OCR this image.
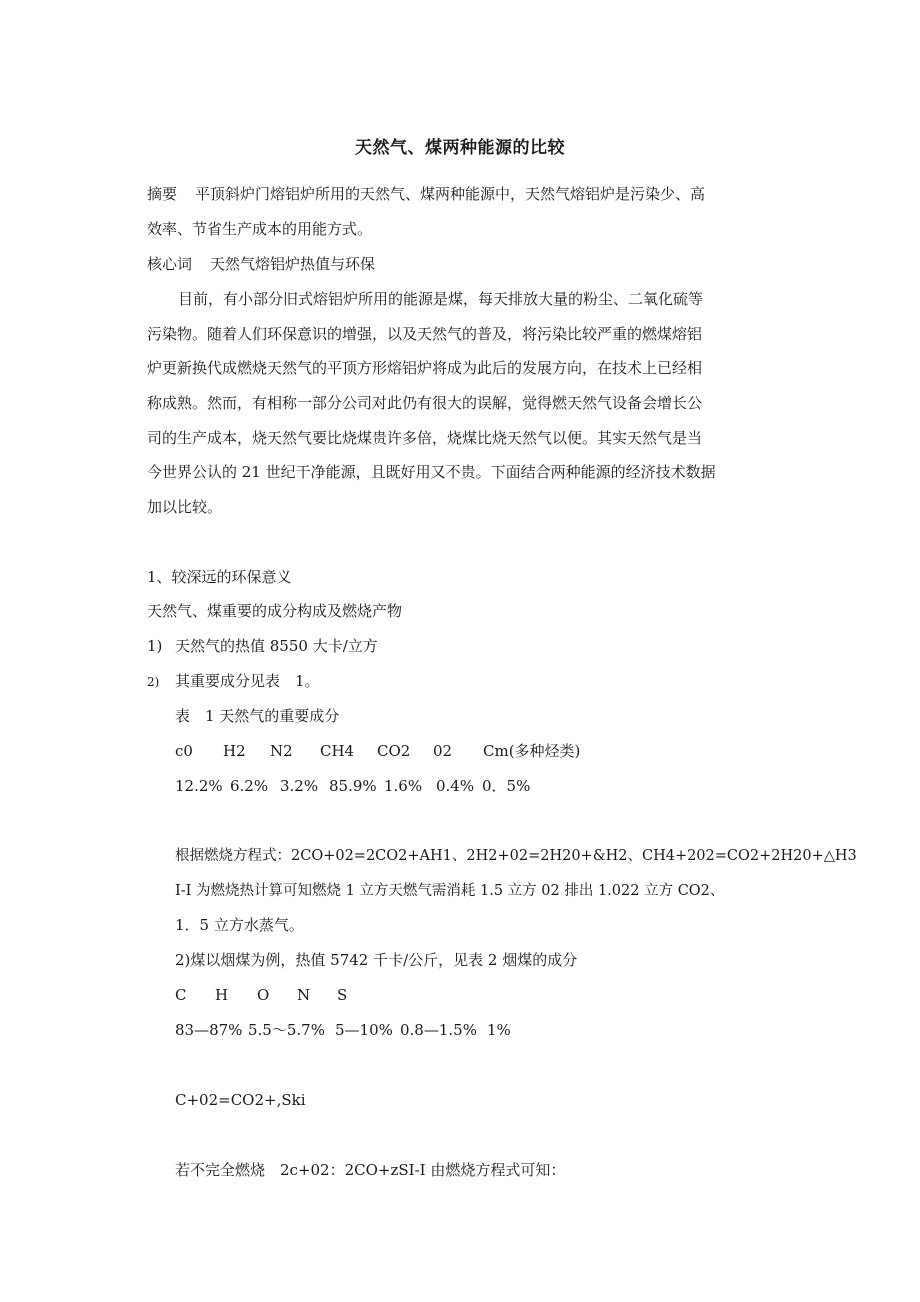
天然气、煤两种能源的比较
摘要 平顶斜炉门熔铝炉所用的天然气、煤两种能源中，天然气熔铝炉是污染少、高
效率、节省生产成本的用能方式。
核心词 天然气熔铝炉热值与环保
目前，有小部分旧式熔铝炉所用的能源是煤，每天排放大量的粉尘、二氧化硫等
污染物。随着人们环保意识的增强，以及天然气的普及，将污染比较严重的燃煤熔铝
炉更新换代成燃烧天然气的平顶方形熔铝炉将成为此后的发展方向，在技术上已经相
称成熟。然而，有相称一部分公司对此仍有很大的误解，觉得燃天然气设备会增长公
司的生产成本，烧天然气要比烧煤贵许多倍，烧煤比烧天然气以便。其实天然气是当
今世界公认的 21 世纪干净能源，且既好用又不贵。下面结合两种能源的经济技术数据
加以比较。
1、较深远的环保意义
天然气、煤重要的成分构成及燃烧产物
1) 天然气的热值 8550 大卡/立方
2) 其重要成分见表　1。
表　1 天然气的重要成分
c0 H2 N2 CH4 CO2 02 Cm(多种烃类)
12.2% 6.2% 3.2% 85.9% 1.6% 0.4% 0．5%
根据燃烧方程式：2CO+02=2CO2+AH1、2H2+02=2H20+&H2、CH4+202=CO2+2H20+△H3
I-I 为燃烧热计算可知燃烧 1 立方天燃气需消耗 1.5 立方 02 排出 1.022 立方 CO2、
1．5 立方水蒸气。
2)煤以烟煤为例，热值 5742 千卡/公斤，见表 2 烟煤的成分
C H O N S
83—87% 5.5～5.7% 5—10% 0.8—1.5% 1%
C+02=CO2+,Ski
若不完全燃烧　2c+02：2CO+zSI-I 由燃烧方程式可知：
